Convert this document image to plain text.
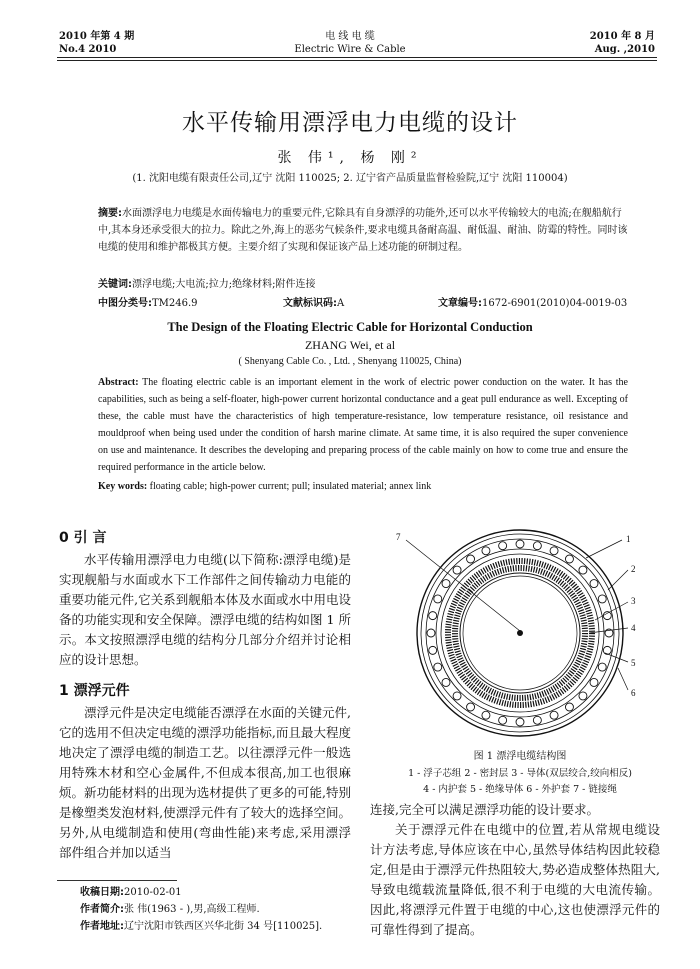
2010 年第 4 期
No.4 2010
电 线 电 缆
Electric Wire & Cable
2010 年 8 月
Aug. ,2010
水平传输用漂浮电力电缆的设计
张 伟¹, 杨 刚²
(1. 沈阳电缆有限责任公司,辽宁 沈阳 110025; 2. 辽宁省产品质量监督检验院,辽宁 沈阳 110004)
摘要:水面漂浮电力电缆是水面传输电力的重要元件,它除具有自身漂浮的功能外,还可以水平传输较大的电流;在舰船航行中,其本身还承受很大的拉力。除此之外,海上的恶劣气候条件,要求电缆具备耐高温、耐低温、耐油、防霉的特性。同时该电缆的使用和维护都极其方便。主要介绍了实现和保证该产品上述功能的研制过程。
关键词:漂浮电缆;大电流;拉力;绝缘材料;附件连接
中图分类号:TM246.9	文献标识码:A	文章编号:1672-6901(2010)04-0019-03
The Design of the Floating Electric Cable for Horizontal Conduction
ZHANG Wei, et al
( Shenyang Cable Co. , Ltd. , Shenyang 110025, China)
Abstract: The floating electric cable is an important element in the work of electric power conduction on the water. It has the capabilities, such as being a self-floater, high-power current horizontal conductance and a geat pull endurance as well. Excepting of these, the cable must have the characteristics of high temperature-resistance, low temperature resistance, oil resistance and mouldproof when being used under the condition of harsh marine climate. At same time, it is also required the super convenience on use and maintenance. It describes the developing and preparing process of the cable mainly on how to come true and ensure the required performance in the article below.
Key words: floating cable; high-power current; pull; insulated material; annex link
0 引 言

水平传输用漂浮电力电缆(以下简称:漂浮电缆)是实现舰船与水面或水下工作部件之间传输动力电能的重要功能元件,它关系到舰船本体及水面或水中用电设备的功能实现和安全保障。漂浮电缆的结构如图 1 所示。本文按照漂浮电缆的结构分几部分介绍并讨论相应的设计思想。

1 漂浮元件

漂浮元件是决定电缆能否漂浮在水面的关键元件,它的选用不但决定电缆的漂浮功能指标,而且最大程度地决定了漂浮电缆的制造工艺。以往漂浮元件一般选用特殊木材和空心金属件,不但成本很高,加工也很麻烦。新功能材料的出现为选材提供了更多的可能,特别是橡塑类发泡材料,使漂浮元件有了较大的选择空间。另外,从电缆制造和使用(弯曲性能)来考虑,采用漂浮部件组合并加以适当

1
2
3
4
5
6
7
图 1 漂浮电缆结构图
1 - 浮子芯组 2 - 密封层 3 - 导体(双层绞合,绞向相反)
4 - 内护套 5 - 绝缘导体 6 - 外护套 7 - 链接绳
连接,完全可以满足漂浮功能的设计要求。

关于漂浮元件在电缆中的位置,若从常规电缆设计方法考虑,导体应该在中心,虽然导体结构因此较稳定,但是由于漂浮元件热阻较大,势必造成整体热阻大,导致电缆载流量降低,很不利于电缆的大电流传输。因此,将漂浮元件置于电缆的中心,这也使漂浮元件的可靠性得到了提高。

收稿日期:2010-02-01
作者简介:张 伟(1963 - ),男,高级工程师.
作者地址:辽宁沈阳市铁西区兴华北街 34 号[110025].
